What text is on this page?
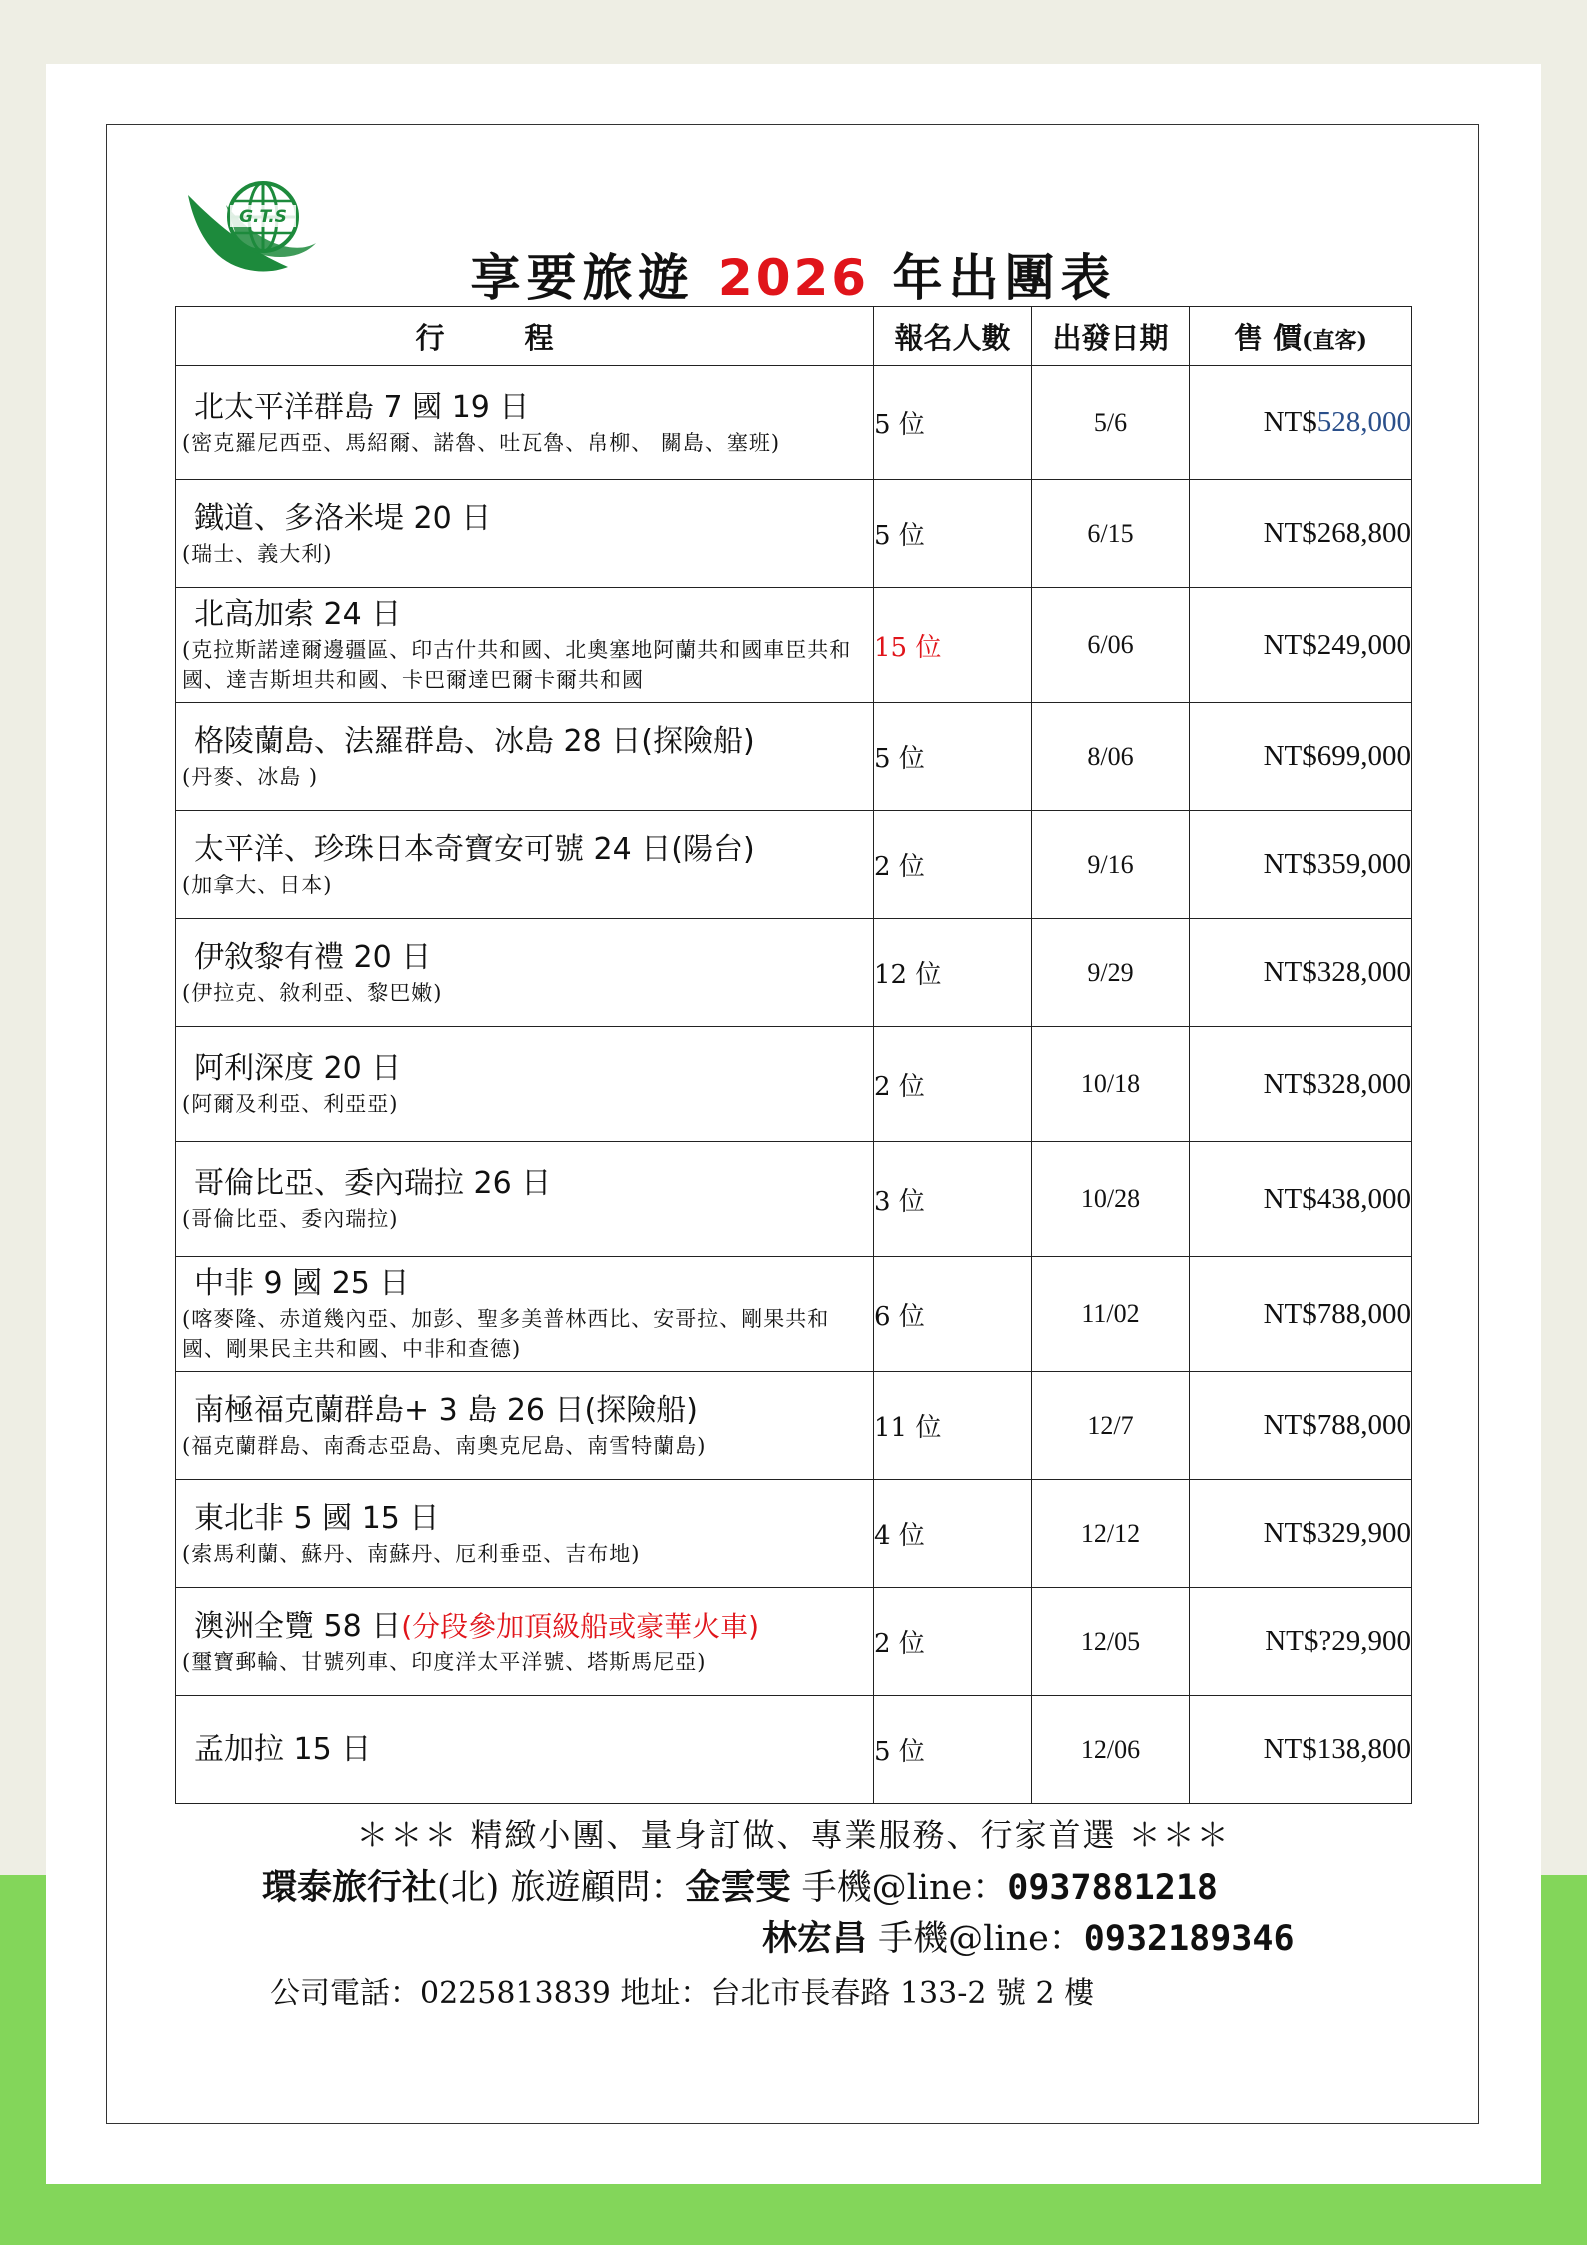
G.T.S
享要旅遊 2026 年出團表
行程	報名人數	出發日期	售 價(直客)

北太平洋群島 7 國 19 日
(密克羅尼西亞、馬紹爾、諾魯、吐瓦魯、帛柳、 關島、塞班)	5 位	5/6	NT$528,000

鐵道、多洛米堤 20 日
(瑞士、義大利)	5 位	6/15	NT$268,800

北高加索 24 日
(克拉斯諾達爾邊疆區、印古什共和國、北奧塞地阿蘭共和國車臣共和國、達吉斯坦共和國、卡巴爾達巴爾卡爾共和國	15 位	6/06	NT$249,000

格陵蘭島、法羅群島、冰島 28 日(探險船)
(丹麥、冰島 )	5 位	8/06	NT$699,000

太平洋、珍珠日本奇寶安可號 24 日(陽台)
(加拿大、日本)	2 位	9/16	NT$359,000

伊敘黎有禮 20 日
(伊拉克、敘利亞、黎巴嫩)	12 位	9/29	NT$328,000

阿利深度 20 日
(阿爾及利亞、利亞亞)	2 位	10/18	NT$328,000

哥倫比亞、委內瑞拉 26 日
(哥倫比亞、委內瑞拉)	3 位	10/28	NT$438,000

中非 9 國 25 日
(喀麥隆、赤道幾內亞、加彭、聖多美普林西比、安哥拉、剛果共和國、剛果民主共和國、中非和查德)	6 位	11/02	NT$788,000

南極福克蘭群島+ 3 島 26 日(探險船)
(福克蘭群島、南喬志亞島、南奧克尼島、南雪特蘭島)	11 位	12/7	NT$788,000

東北非 5 國 15 日
(索馬利蘭、蘇丹、南蘇丹、厄利垂亞、吉布地)	4 位	12/12	NT$329,900

澳洲全覽 58 日(分段參加頂級船或豪華火車)
(璽寶郵輪、甘號列車、印度洋太平洋號、塔斯馬尼亞)	2 位	12/05	NT$?29,900

孟加拉 15 日	5 位	12/06	NT$138,800
＊＊＊ 精緻小團、量身訂做、專業服務、行家首選 ＊＊＊
環泰旅行社(北) 旅遊顧問：金雲雯 手機@line：0937881218
林宏昌 手機@line：0932189346
公司電話：0225813839 地址：台北市長春路 133-2 號 2 樓
